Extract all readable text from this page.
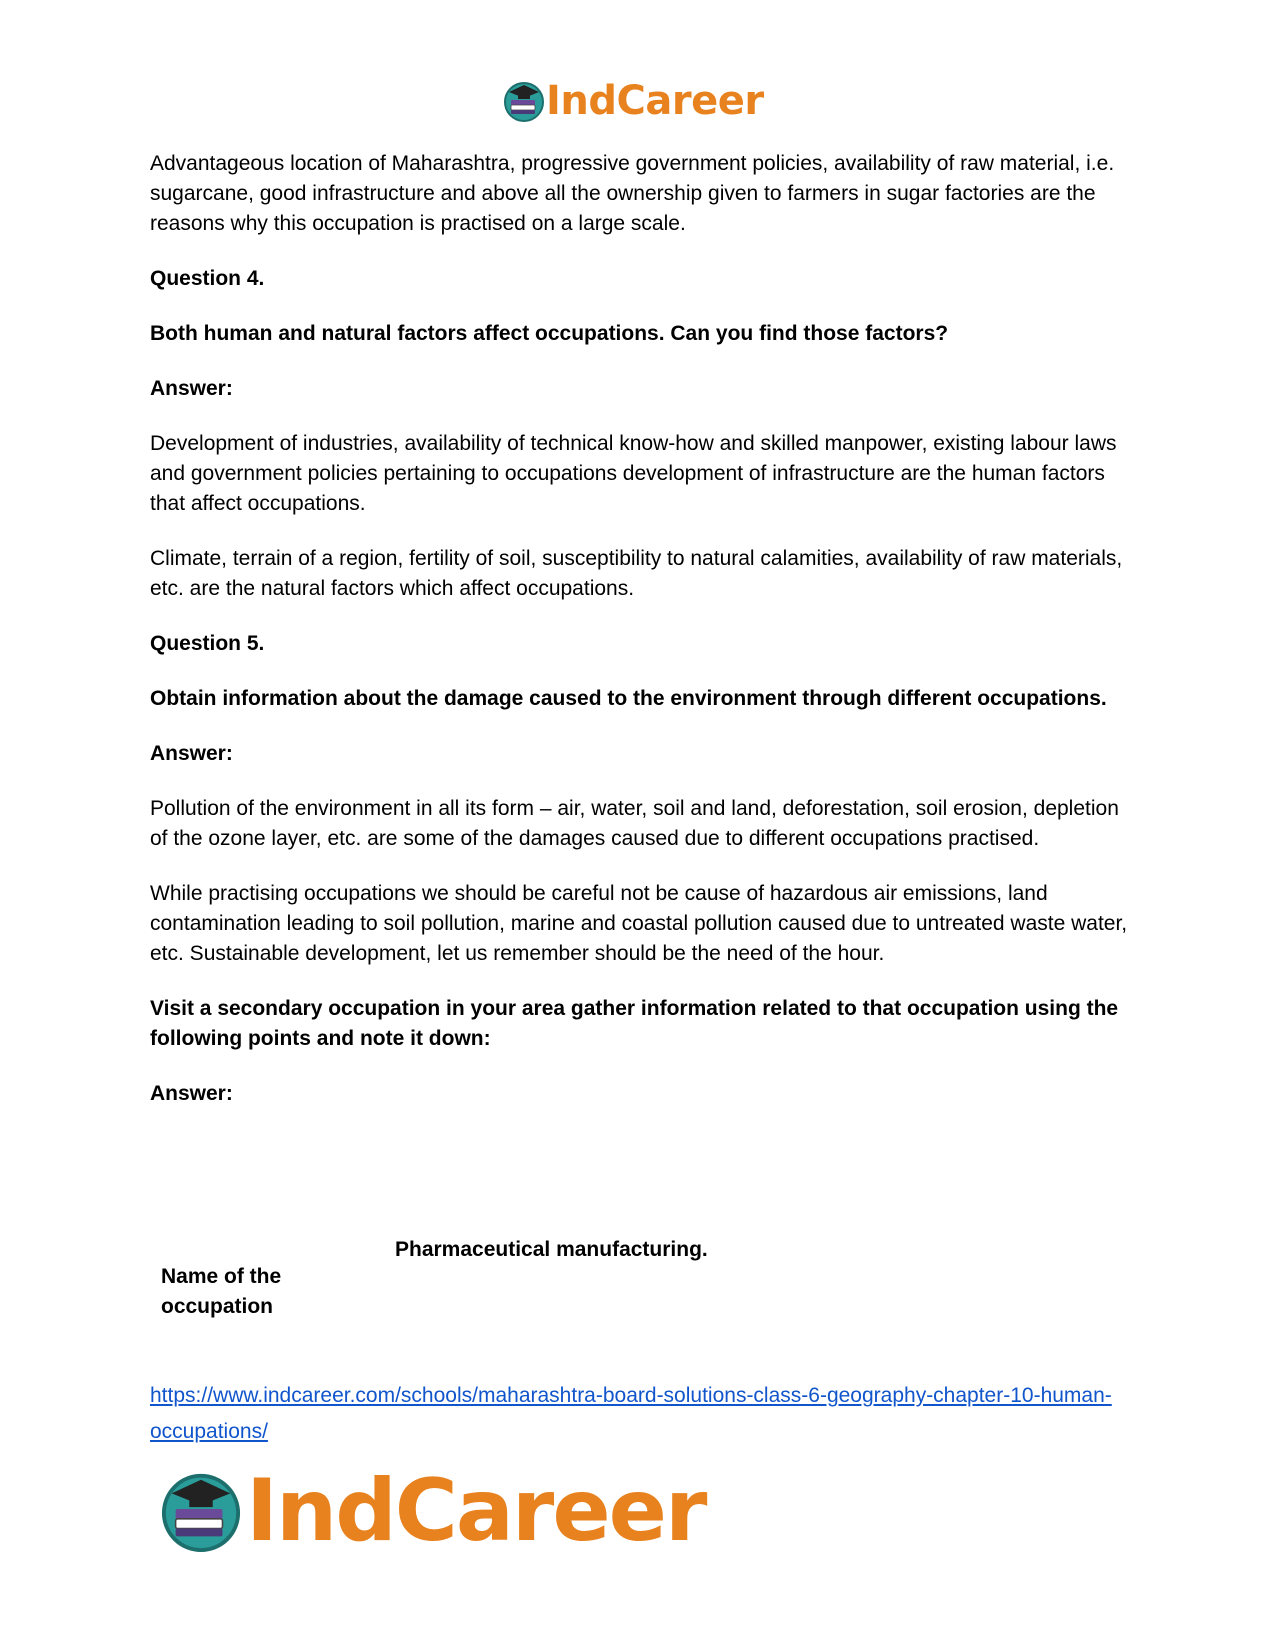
IndCareer

Advantageous location of Maharashtra, progressive government policies, availability of raw material, i.e. sugarcane, good infrastructure and above all the ownership given to farmers in sugar factories are the reasons why this occupation is practised on a large scale.

Question 4.

Both human and natural factors affect occupations. Can you find those factors?

Answer:

Development of industries, availability of technical know-how and skilled manpower, existing labour laws and government policies pertaining to occupations development of infrastructure are the human factors that affect occupations.

Climate, terrain of a region, fertility of soil, susceptibility to natural calamities, availability of raw materials, etc. are the natural factors which affect occupations.

Question 5.

Obtain information about the damage caused to the environment through different occupations.

Answer:

Pollution of the environment in all its form – air, water, soil and land, deforestation, soil erosion, depletion of the ozone layer, etc. are some of the damages caused due to different occupations practised.

While practising occupations we should be careful not be cause of hazardous air emissions, land contamination leading to soil pollution, marine and coastal pollution caused due to untreated waste water, etc. Sustainable development, let us remember should be the need of the hour.

Visit a secondary occupation in your area gather information related to that occupation using the following points and note it down:

Answer:

Name of the occupation
Pharmaceutical manufacturing.
https://www.indcareer.com/schools/maharashtra-board-solutions-class-6-geography-chapter-10-human-occupations/
IndCareer
